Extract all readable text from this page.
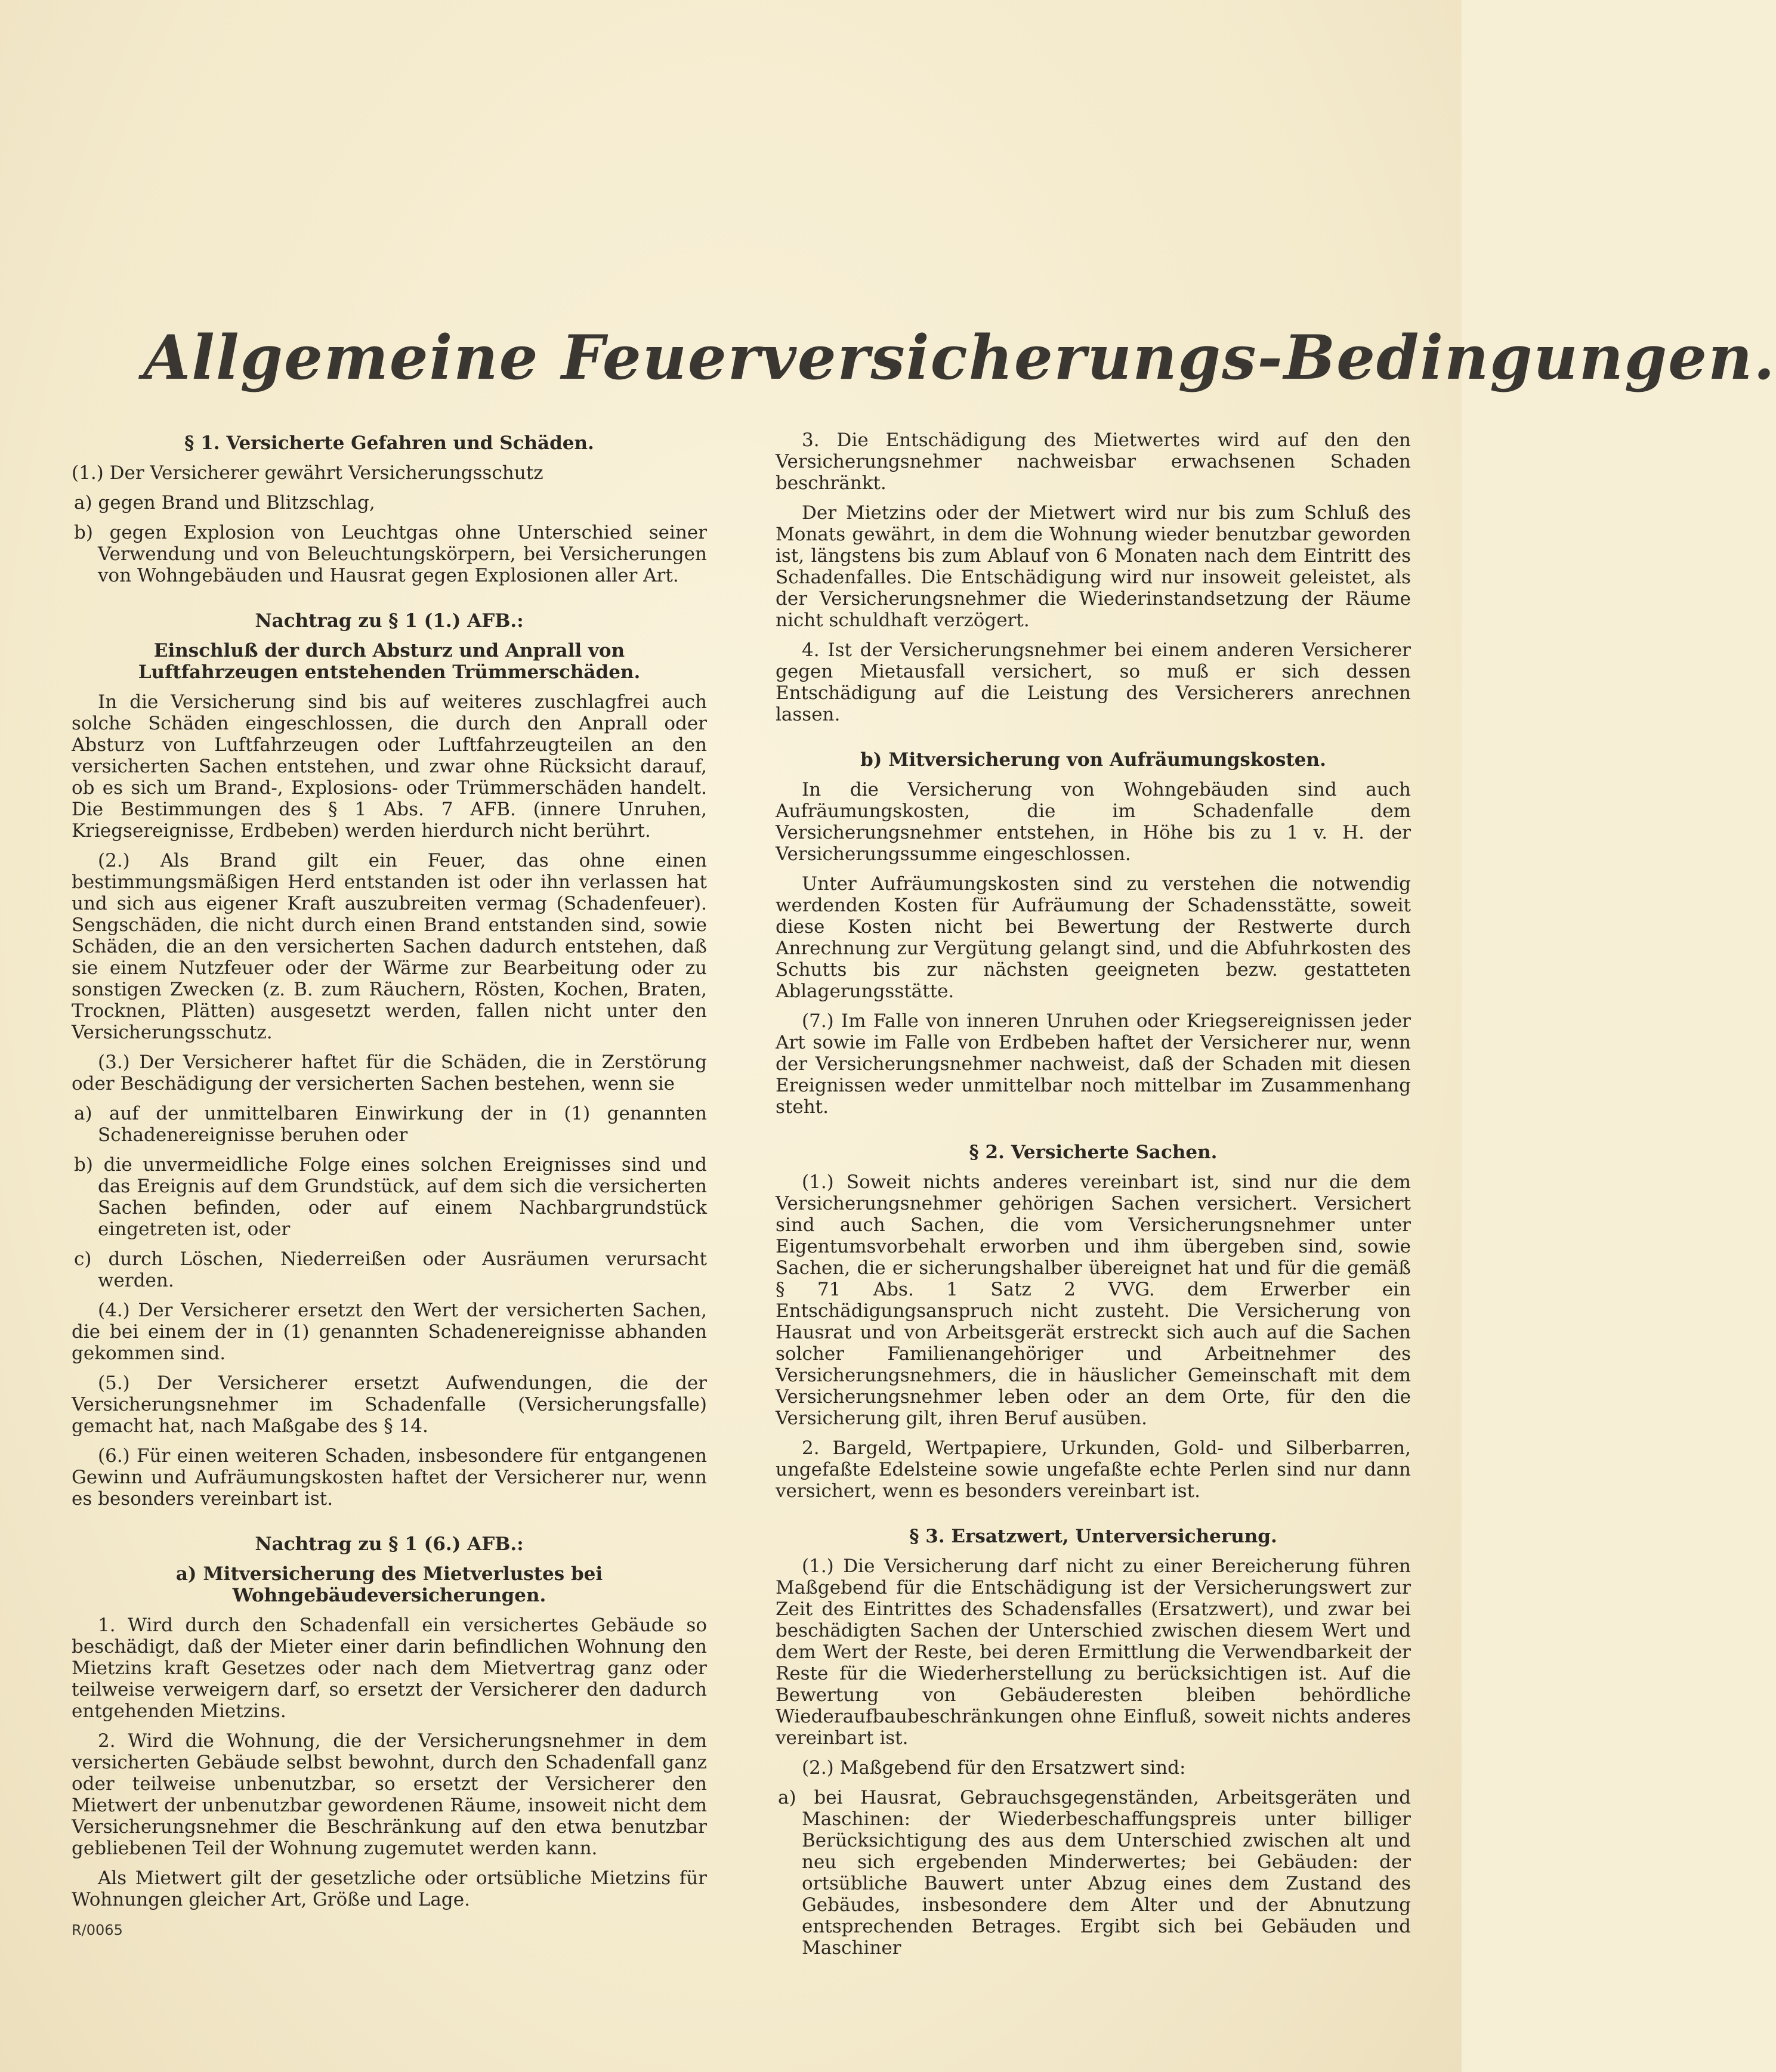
Allgemeine Feuerversicherungs-Bedingungen.

§ 1. Versicherte Gefahren und Schäden.

(1.) Der Versicherer gewährt Versicherungsschutz

a) gegen Brand und Blitzschlag,

b) gegen Explosion von Leuchtgas ohne Unterschied seiner Verwendung und von Beleuchtungskörpern, bei Versicherungen von Wohngebäuden und Hausrat gegen Explosionen aller Art.

Nachtrag zu § 1 (1.) AFB.:

Einschluß der durch Absturz und Anprall von Luftfahrzeugen entstehenden Trümmerschäden.

In die Versicherung sind bis auf weiteres zuschlagfrei auch solche Schäden eingeschlossen, die durch den Anprall oder Absturz von Luftfahrzeugen oder Luftfahrzeugteilen an den versicherten Sachen entstehen, und zwar ohne Rücksicht darauf, ob es sich um Brand-, Explosions- oder Trümmerschäden handelt. Die Bestimmungen des § 1 Abs. 7 AFB. (innere Unruhen, Kriegsereignisse, Erdbeben) werden hierdurch nicht berührt.

(2.) Als Brand gilt ein Feuer, das ohne einen bestimmungsmäßigen Herd entstanden ist oder ihn verlassen hat und sich aus eigener Kraft auszubreiten vermag (Schadenfeuer). Sengschäden, die nicht durch einen Brand entstanden sind, sowie Schäden, die an den versicherten Sachen dadurch entstehen, daß sie einem Nutzfeuer oder der Wärme zur Bearbeitung oder zu sonstigen Zwecken (z. B. zum Räuchern, Rösten, Kochen, Braten, Trocknen, Plätten) ausgesetzt werden, fallen nicht unter den Versicherungsschutz.

(3.) Der Versicherer haftet für die Schäden, die in Zerstörung oder Beschädigung der versicherten Sachen bestehen, wenn sie

a) auf der unmittelbaren Einwirkung der in (1) genannten Schadenereignisse beruhen oder

b) die unvermeidliche Folge eines solchen Ereignisses sind und das Ereignis auf dem Grundstück, auf dem sich die versicherten Sachen befinden, oder auf einem Nachbargrundstück eingetreten ist, oder

c) durch Löschen, Niederreißen oder Ausräumen verursacht werden.

(4.) Der Versicherer ersetzt den Wert der versicherten Sachen, die bei einem der in (1) genannten Schadenereignisse abhanden gekommen sind.

(5.) Der Versicherer ersetzt Aufwendungen, die der Versicherungsnehmer im Schadenfalle (Versicherungsfalle) gemacht hat, nach Maßgabe des § 14.

(6.) Für einen weiteren Schaden, insbesondere für entgangenen Gewinn und Aufräumungskosten haftet der Versicherer nur, wenn es besonders vereinbart ist.

Nachtrag zu § 1 (6.) AFB.:

a) Mitversicherung des Mietverlustes bei Wohngebäudeversicherungen.

1. Wird durch den Schadenfall ein versichertes Gebäude so beschädigt, daß der Mieter einer darin befindlichen Wohnung den Mietzins kraft Gesetzes oder nach dem Mietvertrag ganz oder teilweise verweigern darf, so ersetzt der Versicherer den dadurch entgehenden Mietzins.

2. Wird die Wohnung, die der Versicherungsnehmer in dem versicherten Gebäude selbst bewohnt, durch den Schadenfall ganz oder teilweise unbenutzbar, so ersetzt der Versicherer den Mietwert der unbenutzbar gewordenen Räume, insoweit nicht dem Versicherungsnehmer die Beschränkung auf den etwa benutzbar gebliebenen Teil der Wohnung zugemutet werden kann.

Als Mietwert gilt der gesetzliche oder ortsübliche Mietzins für Wohnungen gleicher Art, Größe und Lage.

3. Die Entschädigung des Mietwertes wird auf den den Versicherungsnehmer nachweisbar erwachsenen Schaden beschränkt.

Der Mietzins oder der Mietwert wird nur bis zum Schluß des Monats gewährt, in dem die Wohnung wieder benutzbar geworden ist, längstens bis zum Ablauf von 6 Monaten nach dem Eintritt des Schadenfalles. Die Entschädigung wird nur insoweit geleistet, als der Versicherungsnehmer die Wiederinstandsetzung der Räume nicht schuldhaft verzögert.

4. Ist der Versicherungsnehmer bei einem anderen Versicherer gegen Mietausfall versichert, so muß er sich dessen Entschädigung auf die Leistung des Versicherers anrechnen lassen.

b) Mitversicherung von Aufräumungskosten.

In die Versicherung von Wohngebäuden sind auch Aufräumungskosten, die im Schadenfalle dem Versicherungsnehmer entstehen, in Höhe bis zu 1 v. H. der Versicherungssumme eingeschlossen.

Unter Aufräumungskosten sind zu verstehen die notwendig werdenden Kosten für Aufräumung der Schadensstätte, soweit diese Kosten nicht bei Bewertung der Restwerte durch Anrechnung zur Vergütung gelangt sind, und die Abfuhrkosten des Schutts bis zur nächsten geeigneten bezw. gestatteten Ablagerungsstätte.

(7.) Im Falle von inneren Unruhen oder Kriegsereignissen jeder Art sowie im Falle von Erdbeben haftet der Versicherer nur, wenn der Versicherungsnehmer nachweist, daß der Schaden mit diesen Ereignissen weder unmittelbar noch mittelbar im Zusammenhang steht.

§ 2. Versicherte Sachen.

(1.) Soweit nichts anderes vereinbart ist, sind nur die dem Versicherungsnehmer gehörigen Sachen versichert. Versichert sind auch Sachen, die vom Versicherungsnehmer unter Eigentumsvorbehalt erworben und ihm übergeben sind, sowie Sachen, die er sicherungshalber übereignet hat und für die gemäß § 71 Abs. 1 Satz 2 VVG. dem Erwerber ein Entschädigungsanspruch nicht zusteht. Die Versicherung von Hausrat und von Arbeitsgerät erstreckt sich auch auf die Sachen solcher Familienangehöriger und Arbeitnehmer des Versicherungsnehmers, die in häuslicher Gemeinschaft mit dem Versicherungsnehmer leben oder an dem Orte, für den die Versicherung gilt, ihren Beruf ausüben.

2. Bargeld, Wertpapiere, Urkunden, Gold- und Silberbarren, ungefaßte Edelsteine sowie ungefaßte echte Perlen sind nur dann versichert, wenn es besonders vereinbart ist.

§ 3. Ersatzwert, Unterversicherung.

(1.) Die Versicherung darf nicht zu einer Bereicherung führen Maßgebend für die Entschädigung ist der Versicherungswert zur Zeit des Eintrittes des Schadensfalles (Ersatzwert), und zwar bei beschädigten Sachen der Unterschied zwischen diesem Wert und dem Wert der Reste, bei deren Ermittlung die Verwendbarkeit der Reste für die Wiederherstellung zu berücksichtigen ist. Auf die Bewertung von Gebäuderesten bleiben behördliche Wiederaufbaubeschränkungen ohne Einfluß, soweit nichts anderes vereinbart ist.

(2.) Maßgebend für den Ersatzwert sind:

a) bei Hausrat, Gebrauchsgegenständen, Arbeitsgeräten und Maschinen: der Wiederbeschaffungspreis unter billiger Berücksichtigung des aus dem Unterschied zwischen alt und neu sich ergebenden Minderwertes; bei Gebäuden: der ortsübliche Bauwert unter Abzug eines dem Zustand des Gebäudes, insbesondere dem Alter und der Abnutzung entsprechenden Betrages. Ergibt sich bei Gebäuden und Maschiner

R/0065
